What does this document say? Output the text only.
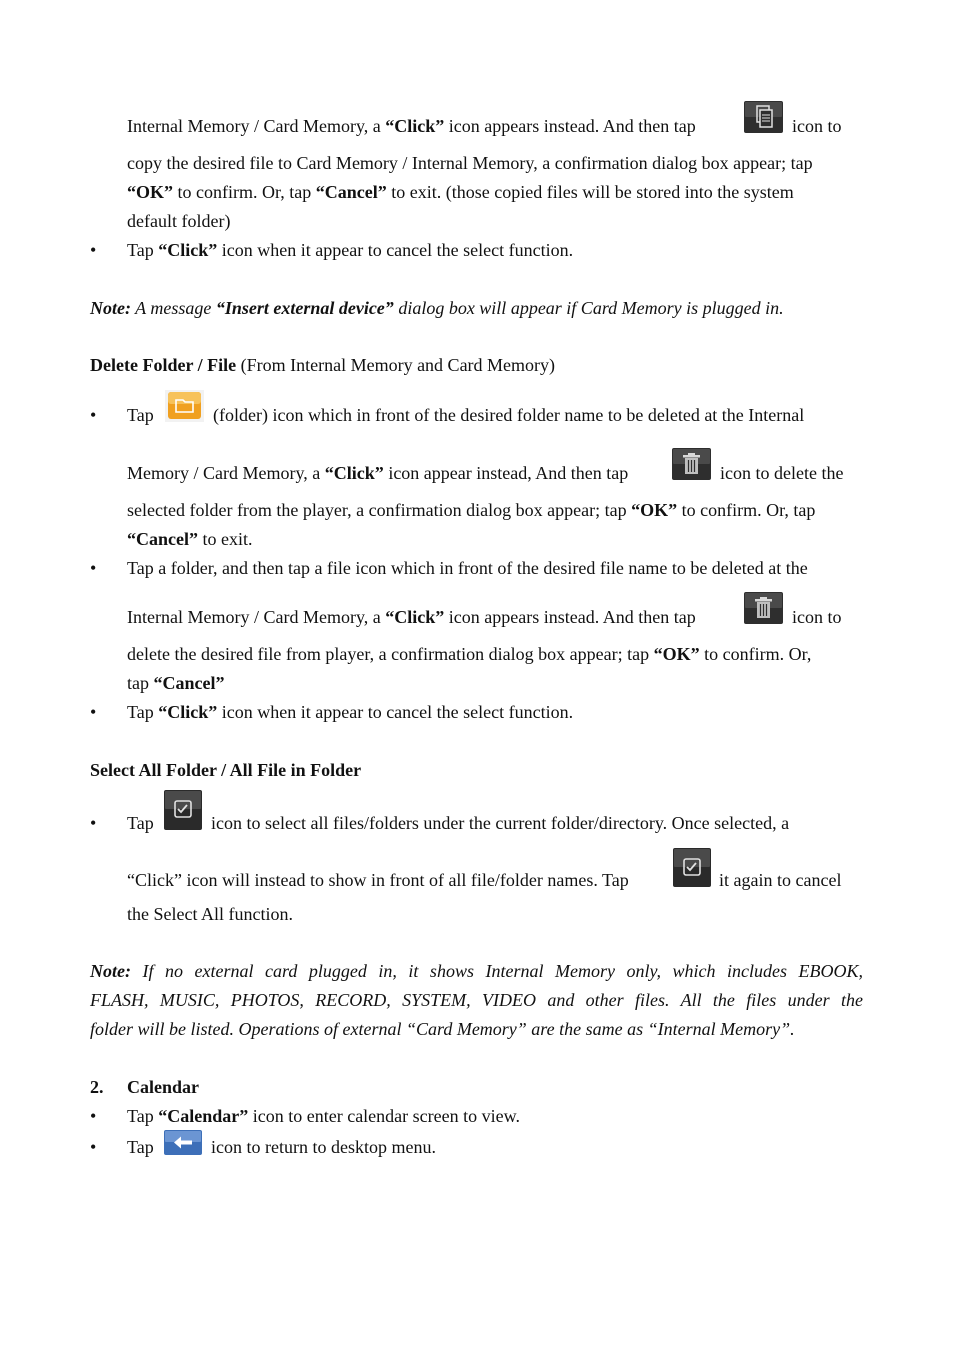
Internal Memory / Card Memory, a “Click” icon appears instead. And then tap	icon to
copy the desired file to Card Memory / Internal Memory, a confirmation dialog box appear; tap
“OK” to confirm. Or, tap “Cancel” to exit. (those copied files will be stored into the system
default folder)
• Tap “Click” icon when it appear to cancel the select function.
Note: A message “Insert external device” dialog box will appear if Card Memory is plugged in.
Delete Folder / File (From Internal Memory and Card Memory)
• Tap	(folder) icon which in front of the desired folder name to be deleted at the Internal
Memory / Card Memory, a “Click” icon appear instead, And then tap	icon to delete the
selected folder from the player, a confirmation dialog box appear; tap “OK” to confirm. Or, tap
“Cancel” to exit.
• Tap a folder, and then tap a file icon which in front of the desired file name to be deleted at the
Internal Memory / Card Memory, a “Click” icon appears instead. And then tap	icon to
delete the desired file from player, a confirmation dialog box appear; tap “OK” to confirm. Or,
tap “Cancel”
• Tap “Click” icon when it appear to cancel the select function.
Select All Folder / All File in Folder
• Tap	icon to select all files/folders under the current folder/directory. Once selected, a
“Click” icon will instead to show in front of all file/folder names. Tap	it again to cancel
the Select All function.
Note: If no external card plugged in, it shows Internal Memory only, which includes EBOOK,
FLASH, MUSIC, PHOTOS, RECORD, SYSTEM, VIDEO and other files. All the files under the
folder will be listed. Operations of external “Card Memory” are the same as “Internal Memory”.
2. Calendar
• Tap “Calendar” icon to enter calendar screen to view.
• Tap	icon to return to desktop menu.
